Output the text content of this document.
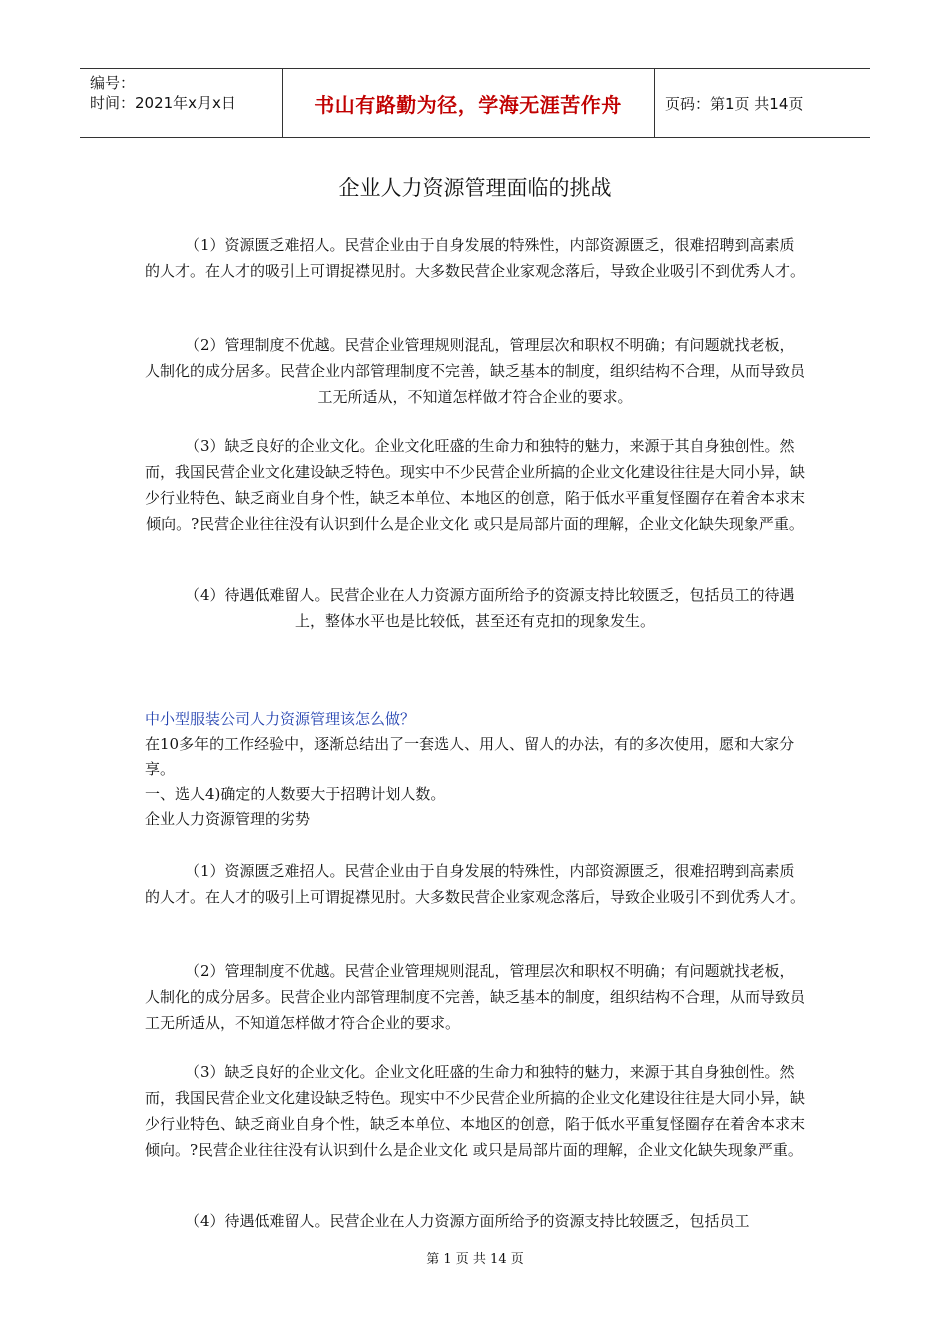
编号：
时间：2021年x月x日	书山有路勤为径，学海无涯苦作舟	页码：第1页 共14页
企业人力资源管理面临的挑战

（1）资源匮乏难招人。民营企业由于自身发展的特殊性，内部资源匮乏，很难招聘到高素质的人才。在人才的吸引上可谓捉襟见肘。大多数民营企业家观念落后，导致企业吸引不到优秀人才。

（2）管理制度不优越。民营企业管理规则混乱，管理层次和职权不明确；有问题就找老板，人制化的成分居多。民营企业内部管理制度不完善，缺乏基本的制度，组织结构不合理，从而导致员工无所适从，不知道怎样做才符合企业的要求。

（3）缺乏良好的企业文化。企业文化旺盛的生命力和独特的魅力，来源于其自身独创性。然而，我国民营企业文化建设缺乏特色。现实中不少民营企业所搞的企业文化建设往往是大同小异，缺少行业特色、缺乏商业自身个性，缺乏本单位、本地区的创意，陷于低水平重复怪圈存在着舍本求末倾向。?民营企业往往没有认识到什么是企业文化 或只是局部片面的理解，企业文化缺失现象严重。

（4）待遇低难留人。民营企业在人力资源方面所给予的资源支持比较匮乏，包括员工的待遇上，整体水平也是比较低，甚至还有克扣的现象发生。

中小型服装公司人力资源管理该怎么做？
在10多年的工作经验中，逐渐总结出了一套选人、用人、留人的办法，有的多次使用，愿和大家分享。
一、选人4)确定的人数要大于招聘计划人数。
企业人力资源管理的劣势

（1）资源匮乏难招人。民营企业由于自身发展的特殊性，内部资源匮乏，很难招聘到高素质的人才。在人才的吸引上可谓捉襟见肘。大多数民营企业家观念落后，导致企业吸引不到优秀人才。

（2）管理制度不优越。民营企业管理规则混乱，管理层次和职权不明确；有问题就找老板，人制化的成分居多。民营企业内部管理制度不完善，缺乏基本的制度，组织结构不合理，从而导致员工无所适从，不知道怎样做才符合企业的要求。

（3）缺乏良好的企业文化。企业文化旺盛的生命力和独特的魅力，来源于其自身独创性。然而，我国民营企业文化建设缺乏特色。现实中不少民营企业所搞的企业文化建设往往是大同小异，缺少行业特色、缺乏商业自身个性，缺乏本单位、本地区的创意，陷于低水平重复怪圈存在着舍本求末倾向。?民营企业往往没有认识到什么是企业文化 或只是局部片面的理解，企业文化缺失现象严重。

（4）待遇低难留人。民营企业在人力资源方面所给予的资源支持比较匮乏，包括员工

第 1 页 共 14 页
